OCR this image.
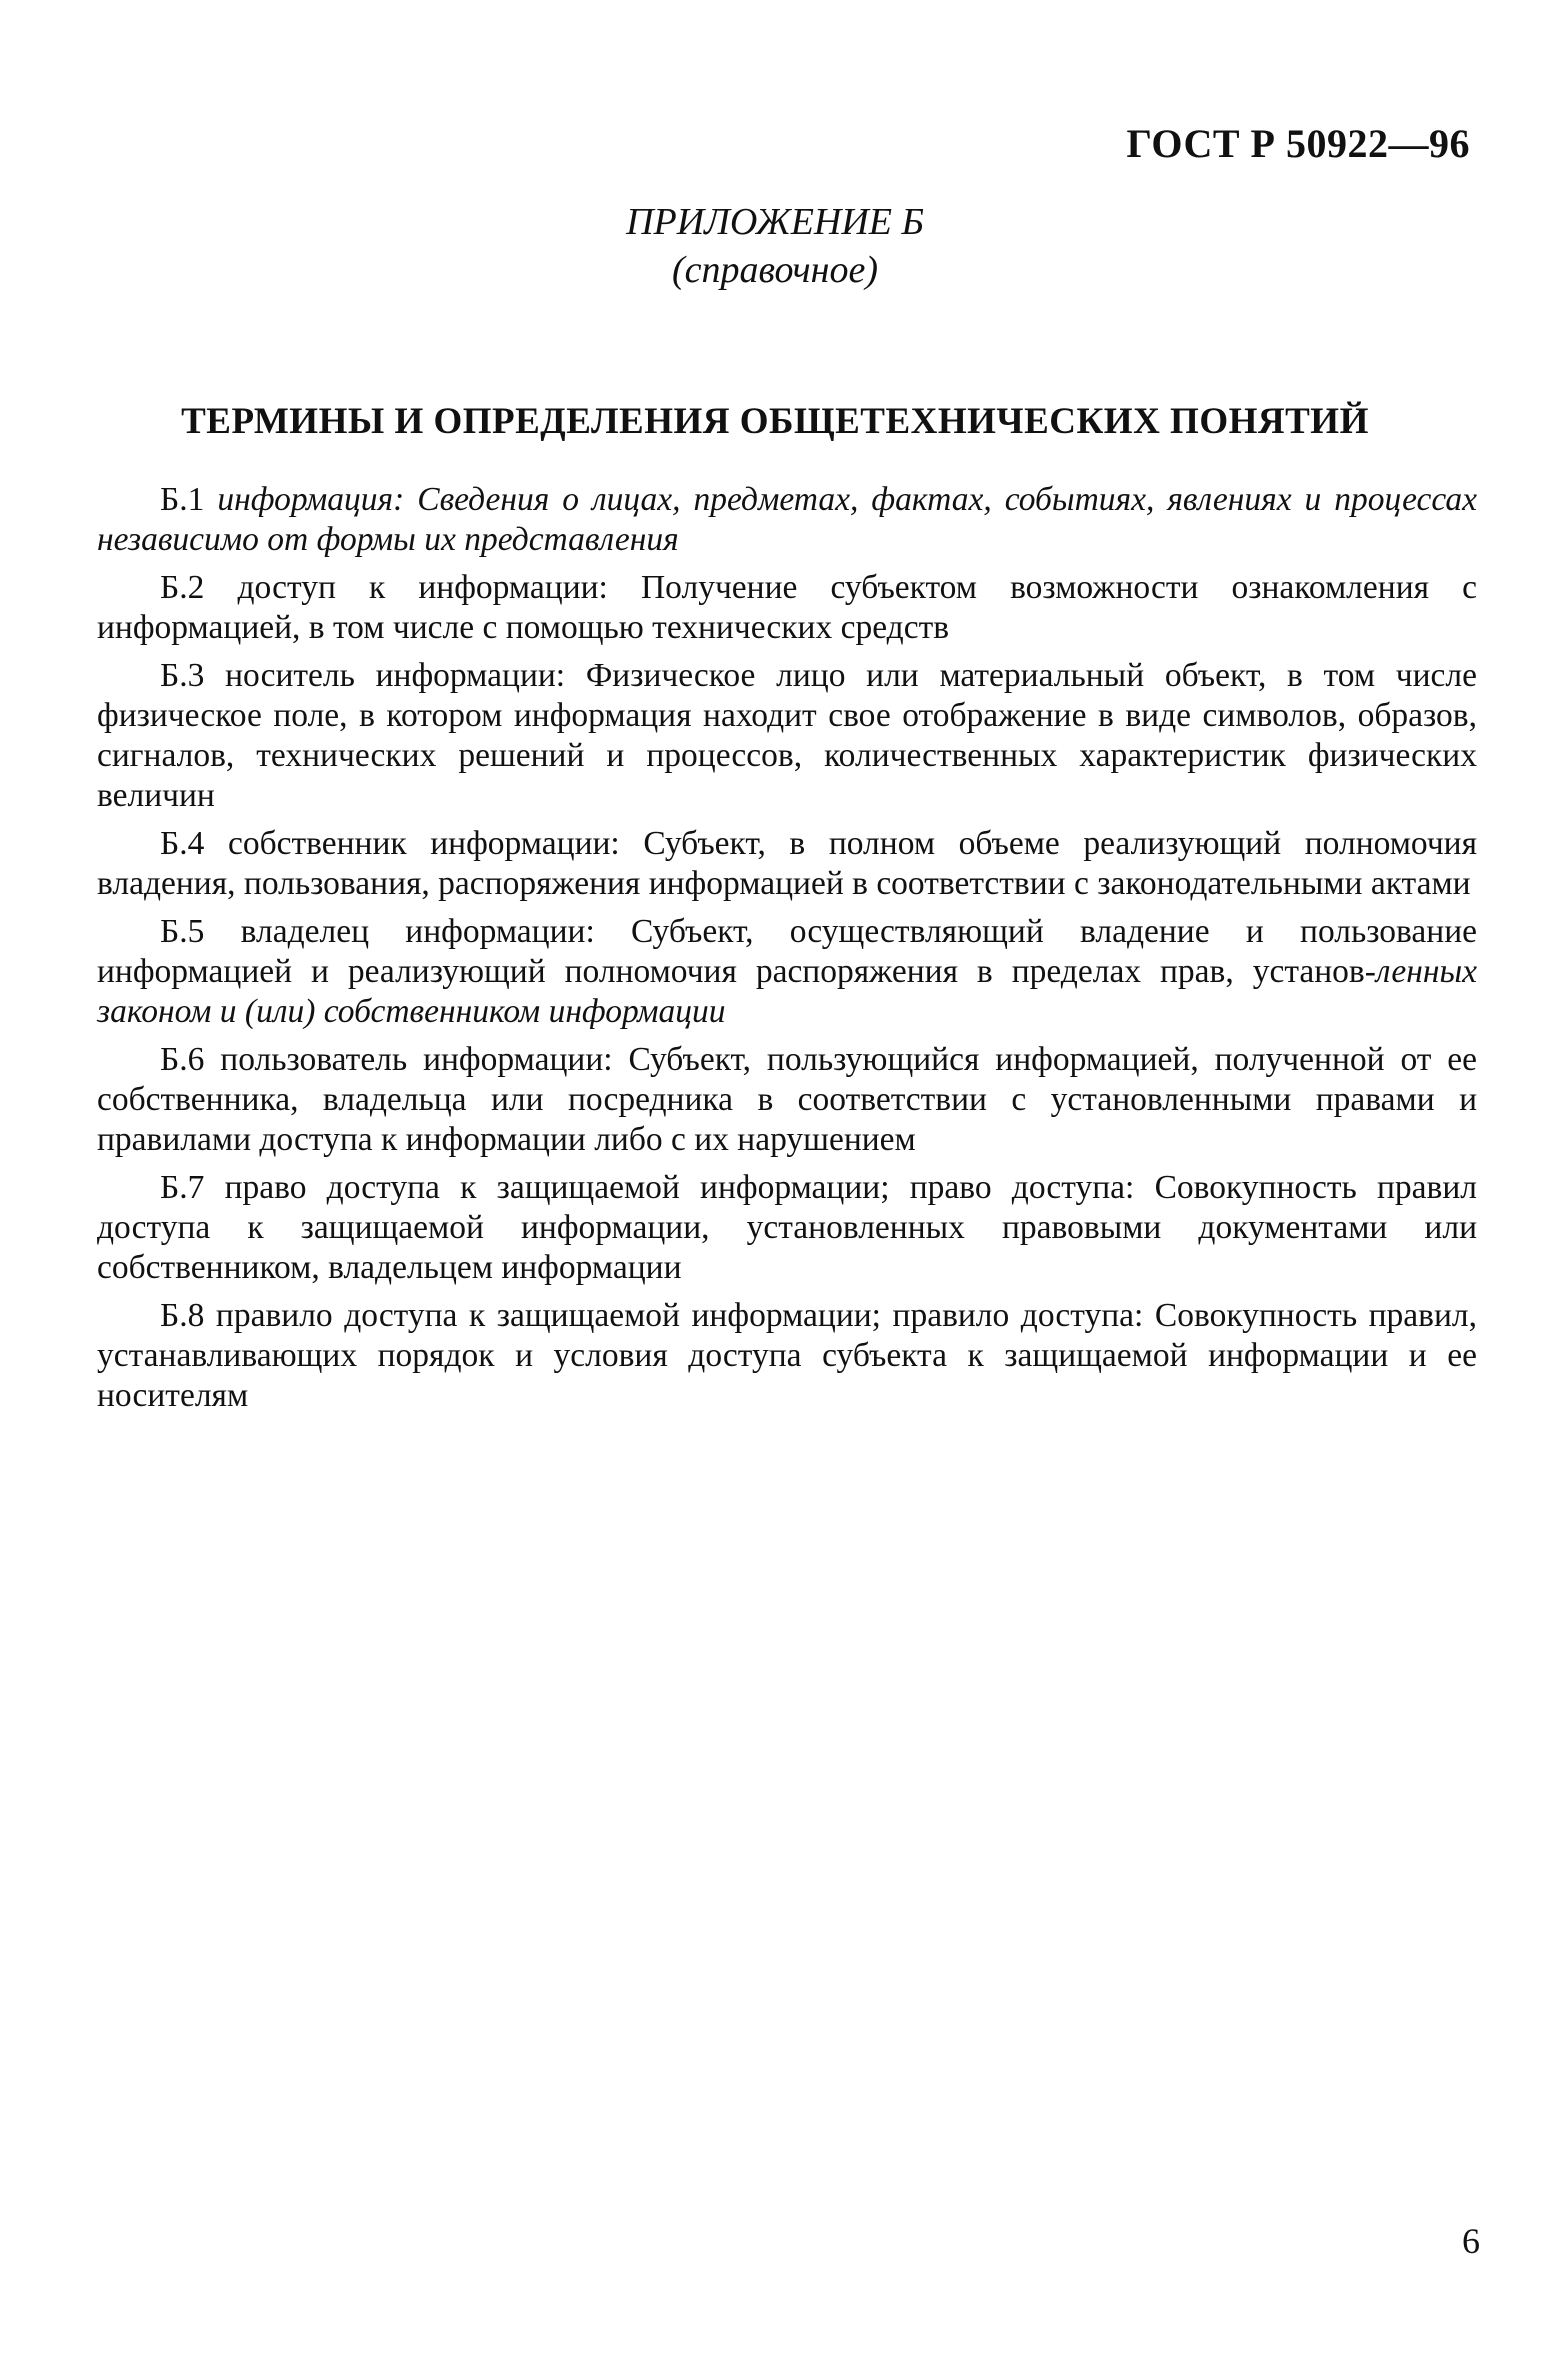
ГОСТ Р 50922—96
ПРИЛОЖЕНИЕ Б
(справочное)
ТЕРМИНЫ И ОПРЕДЕЛЕНИЯ ОБЩЕТЕХНИЧЕСКИХ ПОНЯТИЙ

Б.1 информация: Сведения о лицах, предметах, фактах, событиях, явлениях и процессах независимо от формы их представления

Б.2 доступ к информации: Получение субъектом возможности ознакомления с информацией, в том числе с помощью технических средств

Б.3 носитель информации: Физическое лицо или материальный объект, в том числе физическое поле, в котором информация находит свое отображение в виде символов, образов, сигналов, технических решений и процессов, количественных характеристик физических величин

Б.4 собственник информации: Субъект, в полном объеме реализующий полномочия владения, пользования, распоряжения информацией в соответствии с законодательными актами

Б.5 владелец информации: Субъект, осуществляющий владение и пользование информацией и реализующий полномочия распоряжения в пределах прав, установ-ленных законом и (или) собственником информации

Б.6 пользователь информации: Субъект, пользующийся информацией, полученной от ее собственника, владельца или посредника в соответствии с установленными правами и правилами доступа к информации либо с их нарушением

Б.7 право доступа к защищаемой информации; право доступа: Совокупность правил доступа к защищаемой информации, установленных правовыми документами или собственником, владельцем информации

Б.8 правило доступа к защищаемой информации; правило доступа: Совокупность правил, устанавливающих порядок и условия доступа субъекта к защищаемой информации и ее носителям

6
